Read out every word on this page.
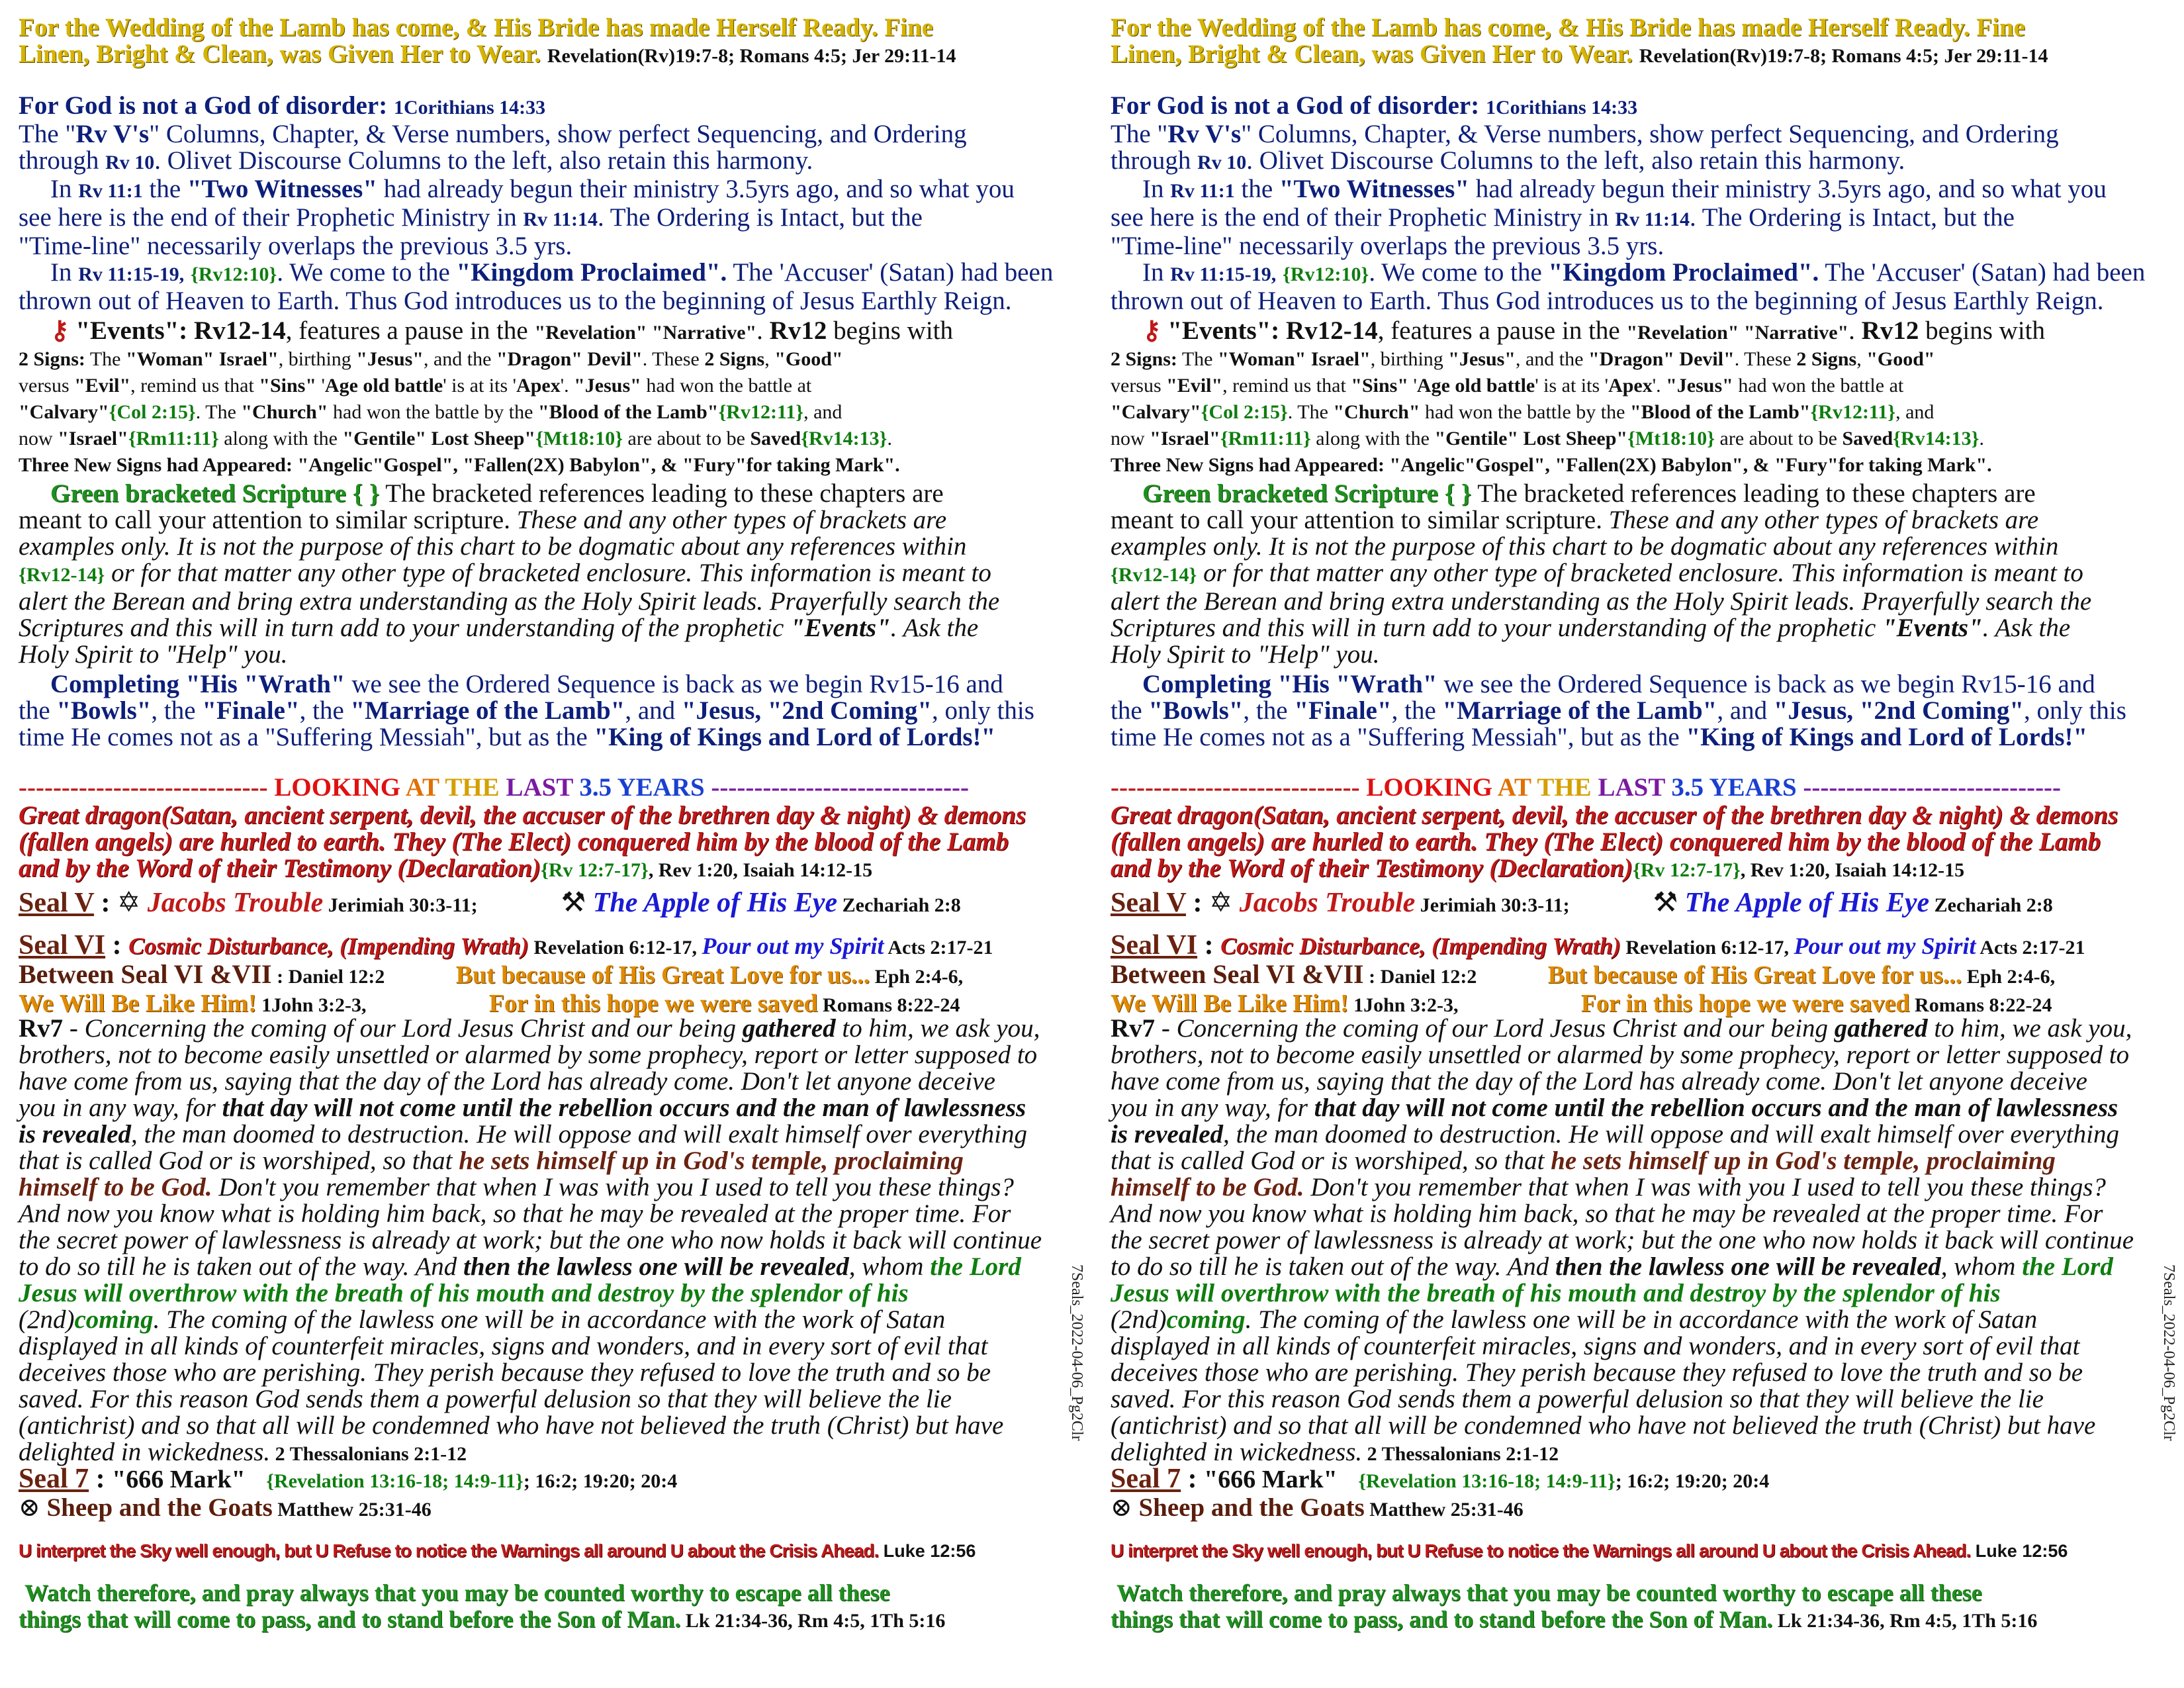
For the Wedding of the Lamb has come, & His Bride has made Herself Ready. Fine

Linen, Bright & Clean, was Given Her to Wear. Revelation(Rv)19:7-8; Romans 4:5; Jer 29:11-14

For God is not a God of disorder: 1Corithians 14:33

The "Rv V's" Columns, Chapter, & Verse numbers, show perfect Sequencing, and Ordering

through Rv 10. Olivet Discourse Columns to the left, also retain this harmony.

In Rv 11:1 the "Two Witnesses" had already begun their ministry 3.5yrs ago, and so what you

see here is the end of their Prophetic Ministry in Rv 11:14. The Ordering is Intact, but the

"Time-line" necessarily overlaps the previous 3.5 yrs.

In Rv 11:15-19, {Rv12:10}. We come to the "Kingdom Proclaimed". The 'Accuser' (Satan) had been

thrown out of Heaven to Earth. Thus God introduces us to the beginning of Jesus Earthly Reign.

⚷ "Events": Rv12-14, features a pause in the "Revelation" "Narrative". Rv12 begins with

2 Signs: The "Woman" Israel", birthing "Jesus", and the "Dragon" Devil". These 2 Signs, "Good"

versus "Evil", remind us that "Sins" 'Age old battle' is at its 'Apex'. "Jesus" had won the battle at

"Calvary"{Col 2:15}. The "Church" had won the battle by the "Blood of the Lamb"{Rv12:11}, and

now "Israel"{Rm11:11} along with the "Gentile" Lost Sheep"{Mt18:10} are about to be Saved{Rv14:13}.

Three New Signs had Appeared: "Angelic"Gospel", "Fallen(2X) Babylon", & "Fury"for taking Mark".

Green bracketed Scripture { } The bracketed references leading to these chapters are

meant to call your attention to similar scripture. These and any other types of brackets are

examples only. It is not the purpose of this chart to be dogmatic about any references within

{Rv12-14} or for that matter any other type of bracketed enclosure. This information is meant to

alert the Berean and bring extra understanding as the Holy Spirit leads. Prayerfully search the

Scriptures and this will in turn add to your understanding of the prophetic "Events". Ask the

Holy Spirit to "Help" you.

Completing "His "Wrath" we see the Ordered Sequence is back as we begin Rv15-16 and

the "Bowls", the "Finale", the "Marriage of the Lamb", and "Jesus, "2nd Coming", only this

time He comes not as a "Suffering Messiah", but as the "King of Kings and Lord of Lords!"

----------------------------- LOOKING AT THE LAST 3.5 YEARS ------------------------------

Great dragon(Satan, ancient serpent, devil, the accuser of the brethren day & night) & demons

(fallen angels) are hurled to earth. They (The Elect) conquered him by the blood of the Lamb

and by the Word of their Testimony (Declaration){Rv 12:7-17}, Rev 1:20, Isaiah 14:12-15

Seal V : ✡ Jacobs Trouble Jerimiah 30:3-11;	⚒ The Apple of His Eye Zechariah 2:8

Seal VI : Cosmic Disturbance, (Impending Wrath) Revelation 6:12-17, Pour out my Spirit Acts 2:17-21

Between Seal VI &VII : Daniel 12:2	But because of His Great Love for us... Eph 2:4-6,

We Will Be Like Him! 1John 3:2-3,	For in this hope we were saved Romans 8:22-24

Rv7 - Concerning the coming of our Lord Jesus Christ and our being gathered to him, we ask you,

brothers, not to become easily unsettled or alarmed by some prophecy, report or letter supposed to

have come from us, saying that the day of the Lord has already come. Don't let anyone deceive

you in any way, for that day will not come until the rebellion occurs and the man of lawlessness

is revealed, the man doomed to destruction. He will oppose and will exalt himself over everything

that is called God or is worshiped, so that he sets himself up in God's temple, proclaiming

himself to be God. Don't you remember that when I was with you I used to tell you these things?

And now you know what is holding him back, so that he may be revealed at the proper time. For

the secret power of lawlessness is already at work; but the one who now holds it back will continue

to do so till he is taken out of the way. And then the lawless one will be revealed, whom the Lord

Jesus will overthrow with the breath of his mouth and destroy by the splendor of his

(2nd)coming. The coming of the lawless one will be in accordance with the work of Satan

displayed in all kinds of counterfeit miracles, signs and wonders, and in every sort of evil that

deceives those who are perishing. They perish because they refused to love the truth and so be

saved. For this reason God sends them a powerful delusion so that they will believe the lie

(antichrist) and so that all will be condemned who have not believed the truth (Christ) but have

delighted in wickedness. 2 Thessalonians 2:1-12

Seal 7 : "666 Mark" {Revelation 13:16-18; 14:9-11}; 16:2; 19:20; 20:4

⊗ Sheep and the Goats Matthew 25:31-46

U interpret the Sky well enough, but U Refuse to notice the Warnings all around U about the Crisis Ahead. Luke 12:56

Watch therefore, and pray always that you may be counted worthy to escape all these

things that will come to pass, and to stand before the Son of Man. Lk 21:34-36, Rm 4:5, 1Th 5:16

7Seals_2022-04-06_Pg2Clr

For the Wedding of the Lamb has come, & His Bride has made Herself Ready. Fine

Linen, Bright & Clean, was Given Her to Wear. Revelation(Rv)19:7-8; Romans 4:5; Jer 29:11-14

For God is not a God of disorder: 1Corithians 14:33

The "Rv V's" Columns, Chapter, & Verse numbers, show perfect Sequencing, and Ordering

through Rv 10. Olivet Discourse Columns to the left, also retain this harmony.

In Rv 11:1 the "Two Witnesses" had already begun their ministry 3.5yrs ago, and so what you

see here is the end of their Prophetic Ministry in Rv 11:14. The Ordering is Intact, but the

"Time-line" necessarily overlaps the previous 3.5 yrs.

In Rv 11:15-19, {Rv12:10}. We come to the "Kingdom Proclaimed". The 'Accuser' (Satan) had been

thrown out of Heaven to Earth. Thus God introduces us to the beginning of Jesus Earthly Reign.

⚷ "Events": Rv12-14, features a pause in the "Revelation" "Narrative". Rv12 begins with

2 Signs: The "Woman" Israel", birthing "Jesus", and the "Dragon" Devil". These 2 Signs, "Good"

versus "Evil", remind us that "Sins" 'Age old battle' is at its 'Apex'. "Jesus" had won the battle at

"Calvary"{Col 2:15}. The "Church" had won the battle by the "Blood of the Lamb"{Rv12:11}, and

now "Israel"{Rm11:11} along with the "Gentile" Lost Sheep"{Mt18:10} are about to be Saved{Rv14:13}.

Three New Signs had Appeared: "Angelic"Gospel", "Fallen(2X) Babylon", & "Fury"for taking Mark".

Green bracketed Scripture { } The bracketed references leading to these chapters are

meant to call your attention to similar scripture. These and any other types of brackets are

examples only. It is not the purpose of this chart to be dogmatic about any references within

{Rv12-14} or for that matter any other type of bracketed enclosure. This information is meant to

alert the Berean and bring extra understanding as the Holy Spirit leads. Prayerfully search the

Scriptures and this will in turn add to your understanding of the prophetic "Events". Ask the

Holy Spirit to "Help" you.

Completing "His "Wrath" we see the Ordered Sequence is back as we begin Rv15-16 and

the "Bowls", the "Finale", the "Marriage of the Lamb", and "Jesus, "2nd Coming", only this

time He comes not as a "Suffering Messiah", but as the "King of Kings and Lord of Lords!"

----------------------------- LOOKING AT THE LAST 3.5 YEARS ------------------------------

Great dragon(Satan, ancient serpent, devil, the accuser of the brethren day & night) & demons

(fallen angels) are hurled to earth. They (The Elect) conquered him by the blood of the Lamb

and by the Word of their Testimony (Declaration){Rv 12:7-17}, Rev 1:20, Isaiah 14:12-15

Seal V : ✡ Jacobs Trouble Jerimiah 30:3-11;	⚒ The Apple of His Eye Zechariah 2:8

Seal VI : Cosmic Disturbance, (Impending Wrath) Revelation 6:12-17, Pour out my Spirit Acts 2:17-21

Between Seal VI &VII : Daniel 12:2	But because of His Great Love for us... Eph 2:4-6,

We Will Be Like Him! 1John 3:2-3,	For in this hope we were saved Romans 8:22-24

Rv7 - Concerning the coming of our Lord Jesus Christ and our being gathered to him, we ask you,

brothers, not to become easily unsettled or alarmed by some prophecy, report or letter supposed to

have come from us, saying that the day of the Lord has already come. Don't let anyone deceive

you in any way, for that day will not come until the rebellion occurs and the man of lawlessness

is revealed, the man doomed to destruction. He will oppose and will exalt himself over everything

that is called God or is worshiped, so that he sets himself up in God's temple, proclaiming

himself to be God. Don't you remember that when I was with you I used to tell you these things?

And now you know what is holding him back, so that he may be revealed at the proper time. For

the secret power of lawlessness is already at work; but the one who now holds it back will continue

to do so till he is taken out of the way. And then the lawless one will be revealed, whom the Lord

Jesus will overthrow with the breath of his mouth and destroy by the splendor of his

(2nd)coming. The coming of the lawless one will be in accordance with the work of Satan

displayed in all kinds of counterfeit miracles, signs and wonders, and in every sort of evil that

deceives those who are perishing. They perish because they refused to love the truth and so be

saved. For this reason God sends them a powerful delusion so that they will believe the lie

(antichrist) and so that all will be condemned who have not believed the truth (Christ) but have

delighted in wickedness. 2 Thessalonians 2:1-12

Seal 7 : "666 Mark" {Revelation 13:16-18; 14:9-11}; 16:2; 19:20; 20:4

⊗ Sheep and the Goats Matthew 25:31-46

U interpret the Sky well enough, but U Refuse to notice the Warnings all around U about the Crisis Ahead. Luke 12:56

Watch therefore, and pray always that you may be counted worthy to escape all these

things that will come to pass, and to stand before the Son of Man. Lk 21:34-36, Rm 4:5, 1Th 5:16

7Seals_2022-04-06_Pg2Clr
